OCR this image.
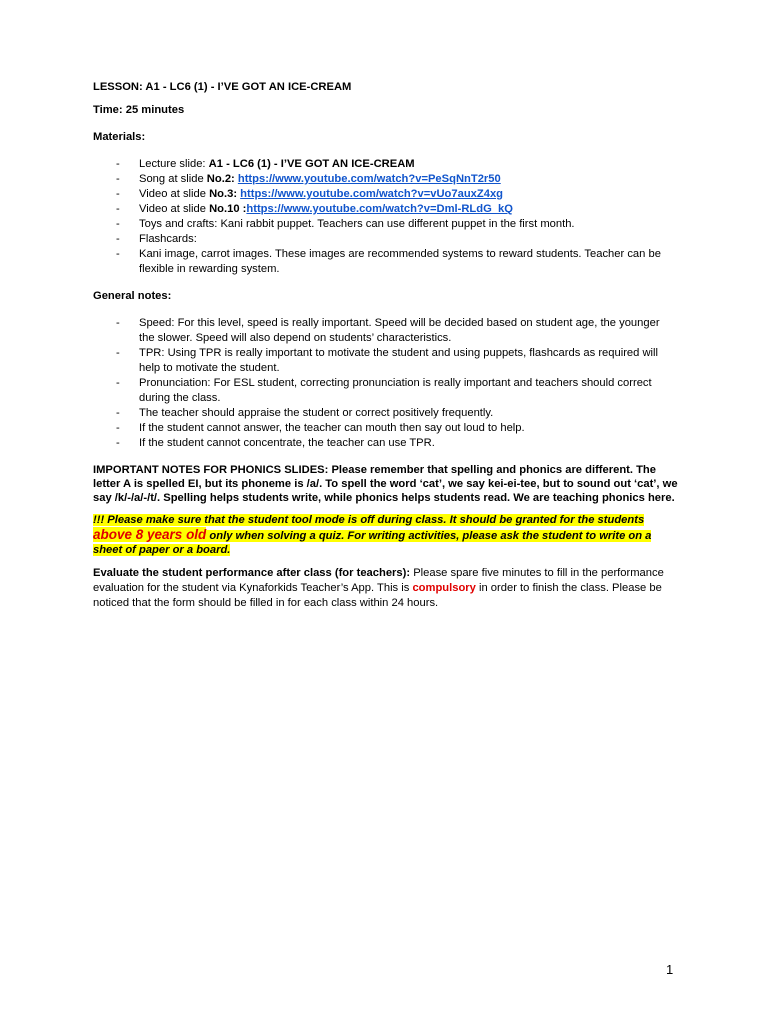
LESSON: A1 - LC6 (1) - I’VE GOT AN ICE-CREAM

Time: 25 minutes

Materials:

- Lecture slide: A1 - LC6 (1) - I’VE GOT AN ICE-CREAM
- Song at slide No.2: https://www.youtube.com/watch?v=PeSqNnT2r50
- Video at slide No.3: https://www.youtube.com/watch?v=vUo7auxZ4xg
- Video at slide No.10 :https://www.youtube.com/watch?v=Dml-RLdG_kQ
- Toys and crafts: Kani rabbit puppet. Teachers can use different puppet in the first month.
- Flashcards:
- Kani image, carrot images. These images are recommended systems to reward students. Teacher can be flexible in rewarding system.

General notes:

- Speed: For this level, speed is really important. Speed will be decided based on student age, the younger the slower. Speed will also depend on students’ characteristics.
- TPR: Using TPR is really important to motivate the student and using puppets, flashcards as required will help to motivate the student.
- Pronunciation: For ESL student, correcting pronunciation is really important and teachers should correct during the class.
- The teacher should appraise the student or correct positively frequently.
- If the student cannot answer, the teacher can mouth then say out loud to help.
- If the student cannot concentrate, the teacher can use TPR.

IMPORTANT NOTES FOR PHONICS SLIDES: Please remember that spelling and phonics are different. The letter A is spelled EI, but its phoneme is /a/. To spell the word ‘cat’, we say kei-ei-tee, but to sound out ‘cat’, we say /k/-/a/-/t/. Spelling helps students write, while phonics helps students read. We are teaching phonics here.

!!! Please make sure that the student tool mode is off during class. It should be granted for the students above 8 years old only when solving a quiz. For writing activities, please ask the student to write on a sheet of paper or a board.

Evaluate the student performance after class (for teachers): Please spare five minutes to fill in the performance evaluation for the student via Kynaforkids Teacher’s App. This is compulsory in order to finish the class. Please be noticed that the form should be filled in for each class within 24 hours.

1
